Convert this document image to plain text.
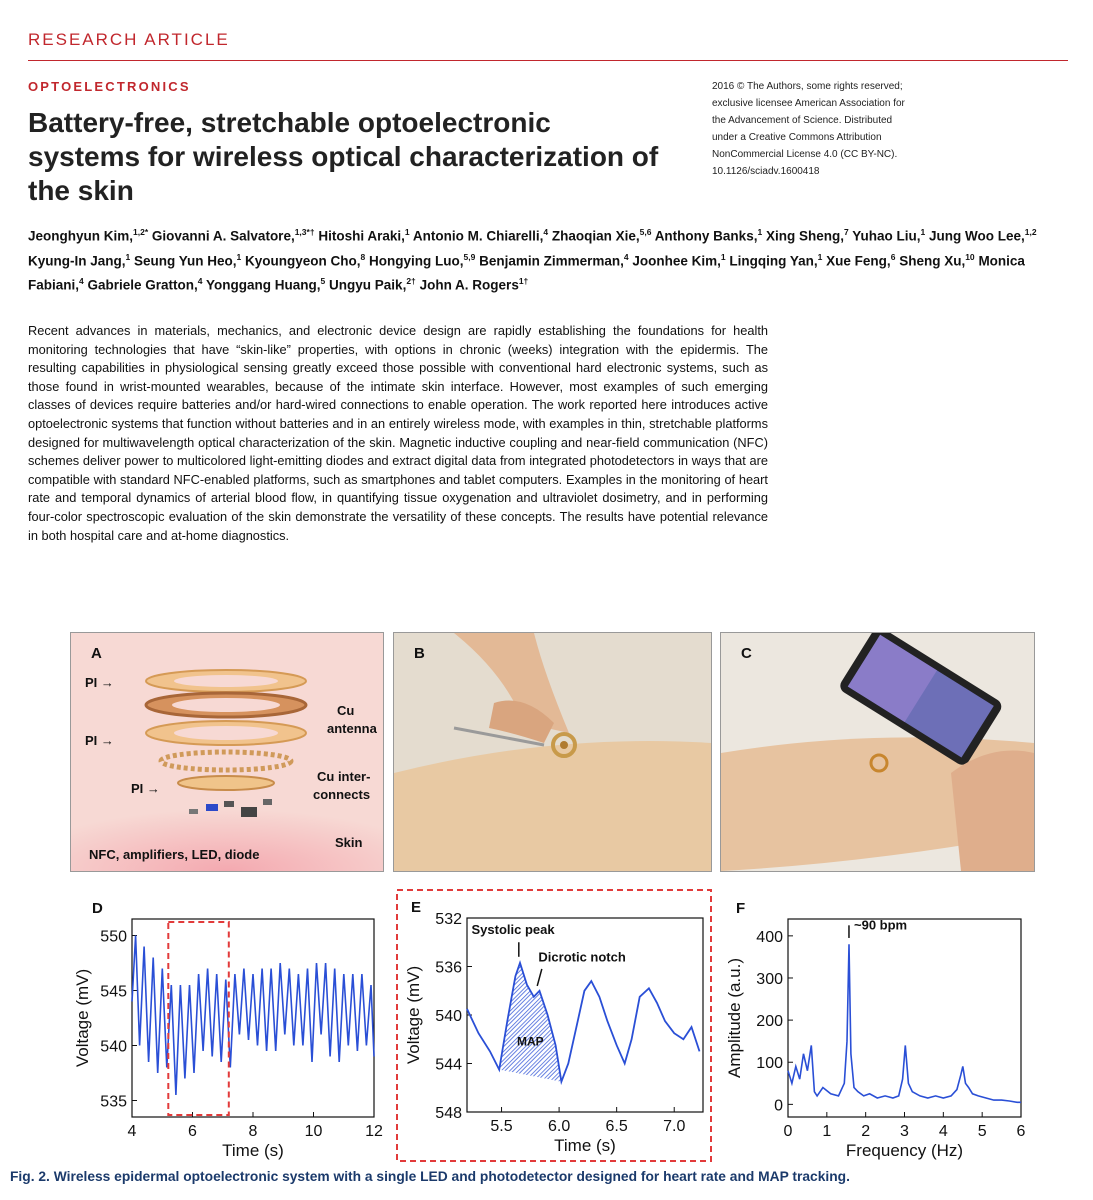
RESEARCH ARTICLE
OPTOELECTRONICS
Battery-free, stretchable optoelectronic systems for wireless optical characterization of the skin
2016 © The Authors, some rights reserved;
exclusive licensee American Association for
the Advancement of Science. Distributed
under a Creative Commons Attribution
NonCommercial License 4.0 (CC BY-NC).
10.1126/sciadv.1600418
Jeonghyun Kim,$^{1,2*}$ Giovanni A. Salvatore,$^{1,3*\dagger}$ Hitoshi Araki,$^1$ Antonio M. Chiarelli,$^4$ Zhaoqian Xie,$^{5,6}$ Anthony Banks,$^1$ Xing Sheng,$^7$ Yuhao Liu,$^1$ Jung Woo Lee,$^{1,2}$ Kyung-In Jang,$^1$ Seung Yun Heo,$^1$ Kyoungyeon Cho,$^8$ Hongying Luo,$^{5,9}$ Benjamin Zimmerman,$^4$ Joonhee Kim,$^1$ Lingqing Yan,$^1$ Xue Feng,$^6$ Sheng Xu,$^{10}$ Monica Fabiani,$^4$ Gabriele Gratton,$^4$ Yonggang Huang,$^5$ Ungyu Paik,$^{2\dagger}$ John A. Rogers$^{1\dagger}$
Recent advances in materials, mechanics, and electronic device design are rapidly establishing the foundations for health monitoring technologies that have “skin-like” properties, with options in chronic (weeks) integration with the epidermis. The resulting capabilities in physiological sensing greatly exceed those possible with conventional hard electronic systems, such as those found in wrist-mounted wearables, because of the intimate skin interface. However, most examples of such emerging classes of devices require batteries and/or hard-wired connections to enable operation. The work reported here introduces active optoelectronic systems that function without batteries and in an entirely wireless mode, with examples in thin, stretchable platforms designed for multiwavelength optical characterization of the skin. Magnetic inductive coupling and near-field communication (NFC) schemes deliver power to multicolored light-emitting diodes and extract digital data from integrated photodetectors in ways that are compatible with standard NFC-enabled platforms, such as smartphones and tablet computers. Examples in the monitoring of heart rate and temporal dynamics of arterial blood flow, in quantifying tissue oxygenation and ultraviolet dosimetry, and in performing four-color spectroscopic evaluation of the skin demonstrate the versatility of these concepts. The results have potential relevance in both hospital care and at-home diagnostics.
A
PI →
Cu
antenna
PI →
Cu inter-
connects
PI →
Skin
NFC, amplifiers, LED, diode
B	C
D
4	6	8	10	12
535
540
545
550
Time (s)
Voltage (mV)
E
5.5 6.0 6.5 7.0
532
536
540
544
548
Time (s)
Voltage (mV)
Systolic peak
Dicrotic notch
MAP
F
0 1 2 3 4 5 6
0
100
200
300
400
Frequency (Hz)
Amplitude (a.u.)
~90 bpm
Fig. 2. Wireless epidermal optoelectronic system with a single LED and photodetector designed for heart rate and MAP tracking.
